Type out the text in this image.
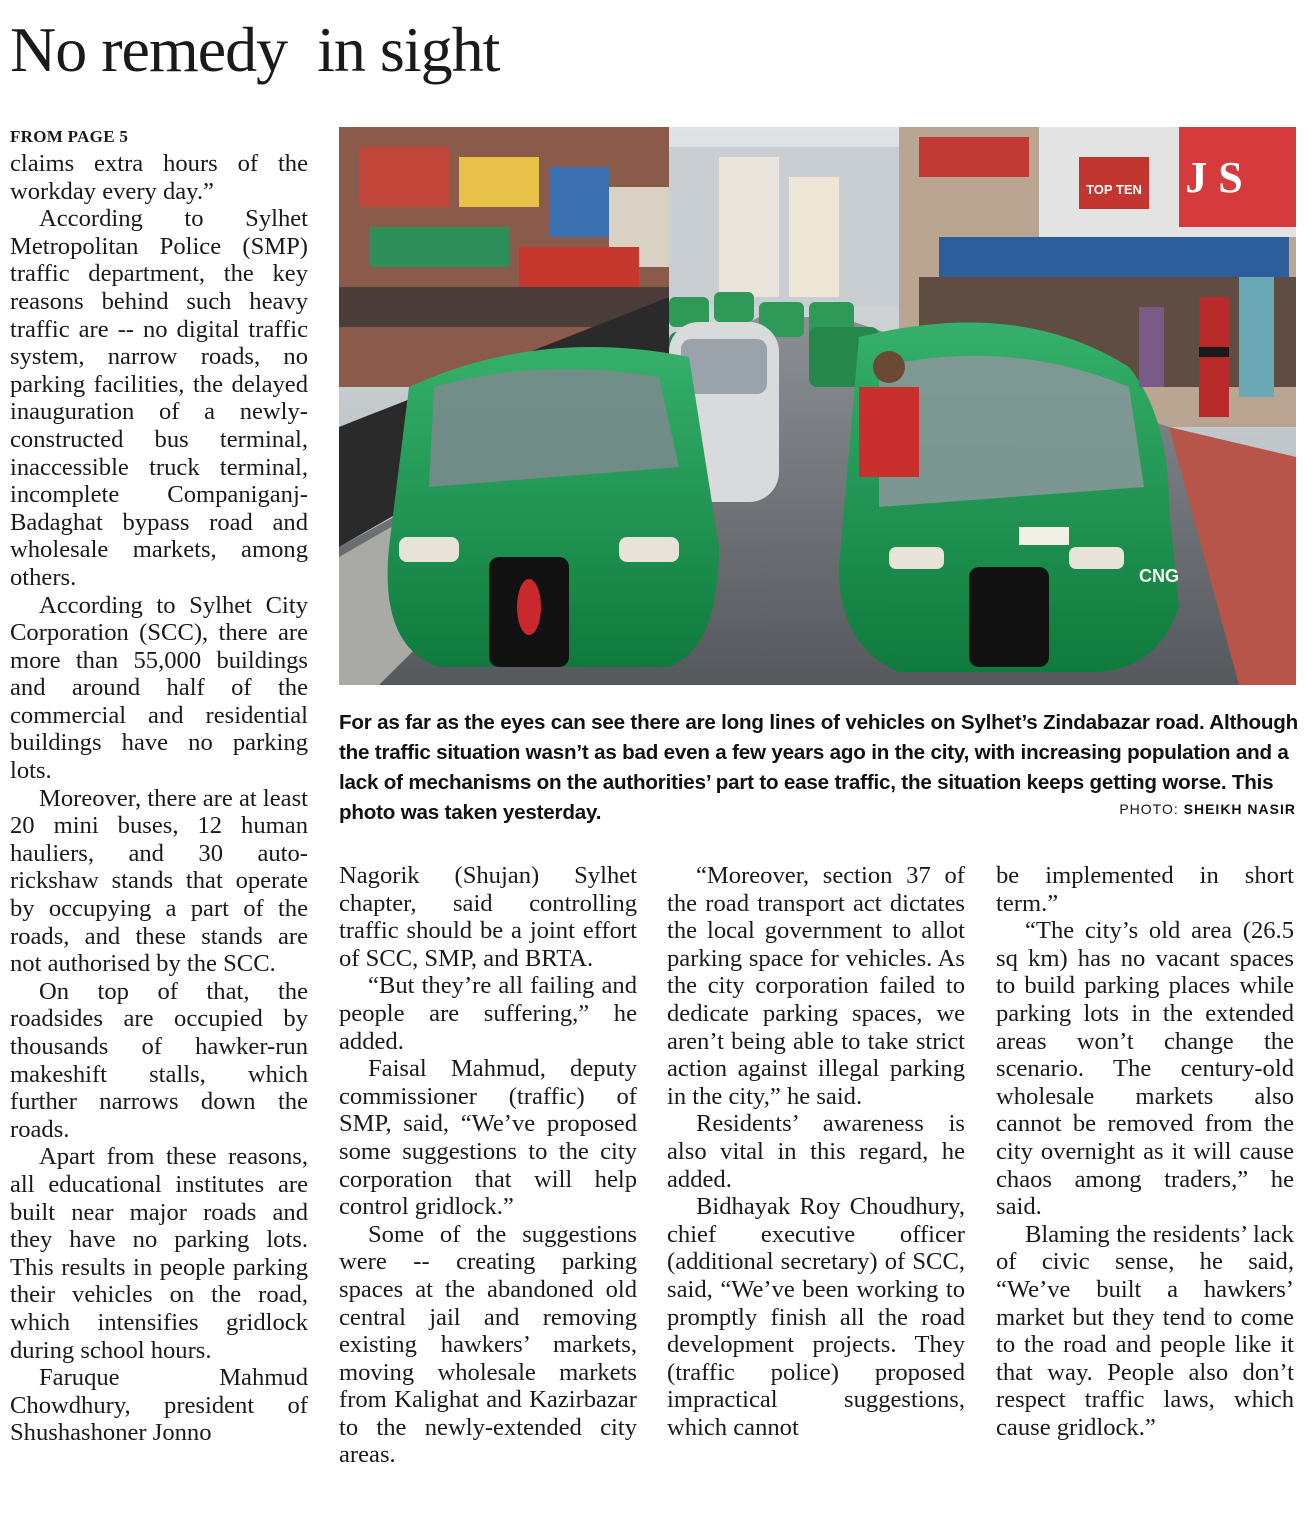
No remedy  in sight
FROM PAGE 5

claims extra hours of the workday every day.”

According to Sylhet Metropolitan Police (SMP) traffic department, the key reasons behind such heavy traffic are -- no digital traffic system, narrow roads, no parking facilities, the delayed inauguration of a newly-constructed bus terminal, inaccessible truck terminal, incomplete Companiganj-Badaghat bypass road and wholesale markets, among others.

According to Sylhet City Corporation (SCC), there are more than 55,000 buildings and around half of the commercial and residential buildings have no parking lots.

Moreover, there are at least 20 mini buses, 12 human hauliers, and 30 auto-rickshaw stands that operate by occupying a part of the roads, and these stands are not authorised by the SCC.

On top of that, the roadsides are occupied by thousands of hawker-run makeshift stalls, which further narrows down the roads.

Apart from these reasons, all educational institutes are built near major roads and they have no parking lots. This results in people parking their vehicles on the road, which intensifies gridlock during school hours.

Faruque Mahmud Chowdhury, president of Shushashoner Jonno

TOP TEN J S
CNG
For as far as the eyes can see there are long lines of vehicles on Sylhet’s Zindabazar road. Although the traffic situation wasn’t as bad even a few years ago in the city, with increasing population and a lack of mechanisms on the authorities’ part to ease traffic, the situation keeps getting worse. This photo was taken yesterday.	PHOTO: SHEIKH NASIR

Nagorik (Shujan) Sylhet chapter, said controlling traffic should be a joint effort of SCC, SMP, and BRTA.

“But they’re all failing and people are suffering,” he added.

Faisal Mahmud, deputy commissioner (traffic) of SMP, said, “We’ve proposed some suggestions to the city corporation that will help control gridlock.”

Some of the suggestions were -- creating parking spaces at the abandoned old central jail and removing existing hawkers’ markets, moving wholesale markets from Kalighat and Kazirbazar to the newly-extended city areas.

“Moreover, section 37 of the road transport act dictates the local government to allot parking space for vehicles. As the city corporation failed to dedicate parking spaces, we aren’t being able to take strict action against illegal parking in the city,” he said.

Residents’ awareness is also vital in this regard, he added.

Bidhayak Roy Choudhury, chief executive officer (additional secretary) of SCC, said, “We’ve been working to promptly finish all the road development projects. They (traffic police) proposed impractical suggestions, which cannot

be implemented in short term.”

“The city’s old area (26.5 sq km) has no vacant spaces to build parking places while parking lots in the extended areas won’t change the scenario. The century-old wholesale markets also cannot be removed from the city overnight as it will cause chaos among traders,” he said.

Blaming the residents’ lack of civic sense, he said, “We’ve built a hawkers’ market but they tend to come to the road and people like it that way. People also don’t respect traffic laws, which cause gridlock.”
